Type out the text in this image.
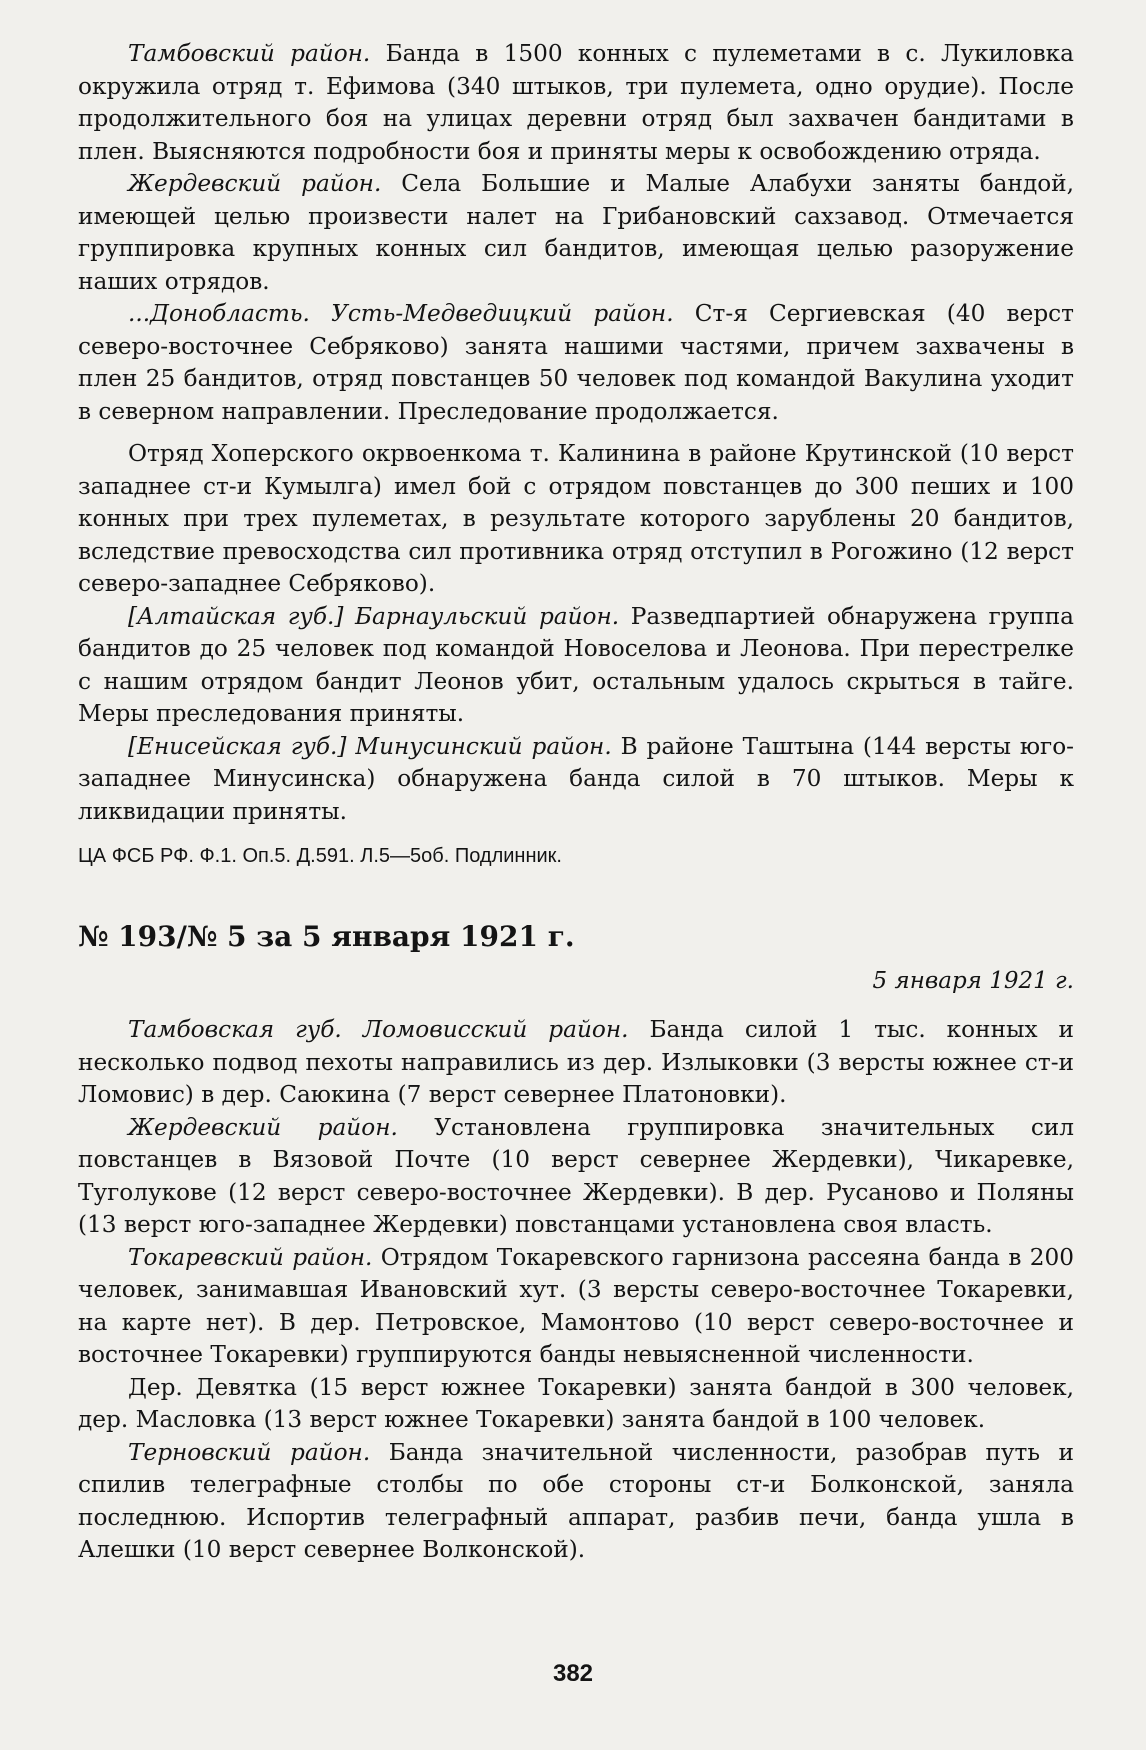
Тамбовский район. Банда в 1500 конных с пулеметами в с. Лукиловка окружила отряд т. Ефимова (340 штыков, три пулемета, одно орудие). После продолжительного боя на улицах деревни отряд был захвачен бандитами в плен. Выясняются подробности боя и приняты меры к освобождению отряда.

Жердевский район. Села Большие и Малые Алабухи заняты бандой, имеющей целью произвести налет на Грибановский сахзавод. Отмечается группировка крупных конных сил бандитов, имеющая целью разоружение наших отрядов.

...Донобласть. Усть-Медведицкий район. Ст-я Сергиевская (40 верст северо-восточнее Себряково) занята нашими частями, причем захвачены в плен 25 бандитов, отряд повстанцев 50 человек под командой Вакулина уходит в северном направлении. Преследование продолжается.

Отряд Хоперского окрвоенкома т. Калинина в районе Крутинской (10 верст западнее ст-и Кумылга) имел бой с отрядом повстанцев до 300 пеших и 100 конных при трех пулеметах, в результате которого зарублены 20 бандитов, вследствие превосходства сил противника отряд отступил в Рогожино (12 верст северо-западнее Себряково).

[Алтайская губ.] Барнаульский район. Разведпартией обнаружена группа бандитов до 25 человек под командой Новоселова и Леонова. При перестрелке с нашим отрядом бандит Леонов убит, остальным удалось скрыться в тайге. Меры преследования приняты.

[Енисейская губ.] Минусинский район. В районе Таштына (144 версты юго-западнее Минусинска) обнаружена банда силой в 70 штыков. Меры к ликвидации приняты.

ЦА ФСБ РФ. Ф.1. Оп.5. Д.591. Л.5—5об. Подлинник.

№ 193/№ 5 за 5 января 1921 г.
5 января 1921 г.

Тамбовская губ. Ломовисский район. Банда силой 1 тыс. конных и несколько подвод пехоты направились из дер. Излыковки (3 версты южнее ст-и Ломовис) в дер. Саюкина (7 верст севернее Платоновки).

Жердевский район. Установлена группировка значительных сил повстанцев в Вязовой Почте (10 верст севернее Жердевки), Чикаревке, Туголукове (12 верст северо-восточнее Жердевки). В дер. Русаново и Поляны (13 верст юго-западнее Жердевки) повстанцами установлена своя власть.

Токаревский район. Отрядом Токаревского гарнизона рассеяна банда в 200 человек, занимавшая Ивановский хут. (3 версты северо-восточнее Токаревки, на карте нет). В дер. Петровское, Мамонтово (10 верст северо-восточнее и восточнее Токаревки) группируются банды невыясненной численности.

Дер. Девятка (15 верст южнее Токаревки) занята бандой в 300 человек, дер. Масловка (13 верст южнее Токаревки) занята бандой в 100 человек.

Терновский район. Банда значительной численности, разобрав путь и спилив телеграфные столбы по обе стороны ст-и Болконской, заняла последнюю. Испортив телеграфный аппарат, разбив печи, банда ушла в Алешки (10 верст севернее Волконской).

382
